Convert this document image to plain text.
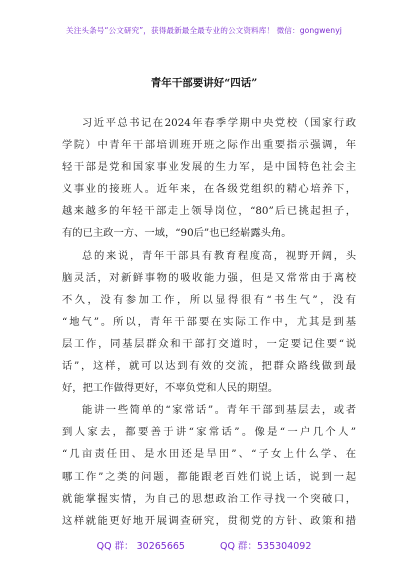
关注头条号“公文研究”，获得最新最全最专业的公文资料库！ 微信：gongwenyj
青年干部要讲好“四话”
习近平总书记在2024年春季学期中央党校（国家行政
学院）中青年干部培训班开班之际作出重要指示强调，年
轻干部是党和国家事业发展的生力军，是中国特色社会主
义事业的接班人。近年来，在各级党组织的精心培养下，
越来越多的年轻干部走上领导岗位，“80”后已挑起担子，
有的已主政一方、一域，“90后”也已经崭露头角。
总的来说，青年干部具有教育程度高，视野开阔，头
脑灵活，对新鲜事物的吸收能力强，但是又常常由于离校
不久，没有参加工作，所以显得很有“书生气”，没有
“地气”。所以，青年干部要在实际工作中，尤其是到基
层工作，同基层群众和干部打交道时，一定要记住要“说
话”，这样，就可以达到有效的交流，把群众路线做到最
好，把工作做得更好，不辜负党和人民的期望。
能讲一些简单的“家常话”。青年干部到基层去，或者
到人家去，都要善于讲“家常话”。像是“一户几个人”
“几亩责任田、是水田还是旱田”、“子女上什么学、在
哪工作”之类的问题，都能跟老百姓们说上话，说到一起
就能掌握实情，为自己的思想政治工作寻找一个突破口，
这样就能更好地开展调查研究，贯彻党的方针、政策和措
QQ 群： 30265665	QQ 群：535304092
